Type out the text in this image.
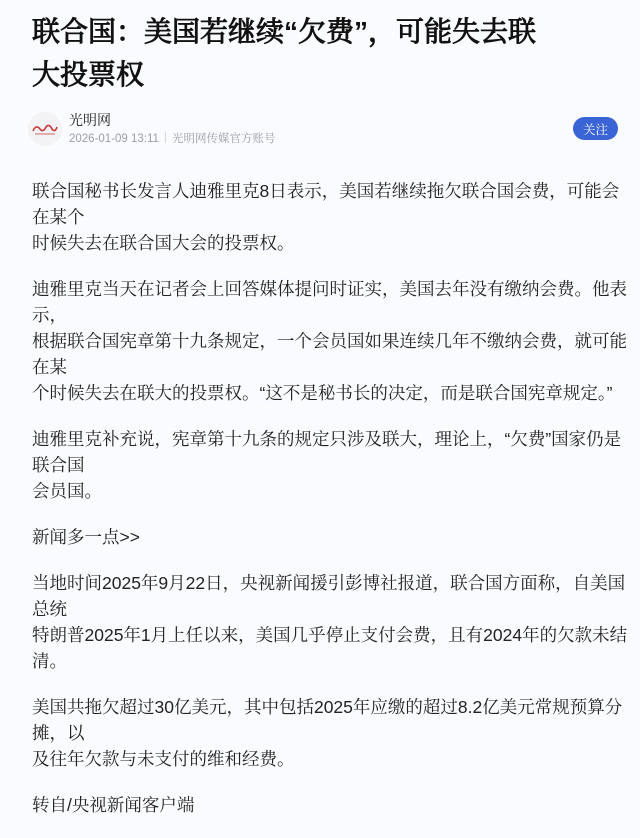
联合国：美国若继续“欠费”，可能失去联
大投票权
光明网
2026-01-09 13:11 光明网传媒官方账号
关注

联合国秘书长发言人迪雅里克8日表示，美国若继续拖欠联合国会费，可能会在某个
时候失去在联合国大会的投票权。

迪雅里克当天在记者会上回答媒体提问时证实，美国去年没有缴纳会费。他表示，
根据联合国宪章第十九条规定，一个会员国如果连续几年不缴纳会费，就可能在某
个时候失去在联大的投票权。“这不是秘书长的决定，而是联合国宪章规定。”

迪雅里克补充说，宪章第十九条的规定只涉及联大，理论上，“欠费”国家仍是联合国
会员国。

新闻多一点>>

当地时间2025年9月22日，央视新闻援引彭博社报道，联合国方面称，自美国总统
特朗普2025年1月上任以来，美国几乎停止支付会费，且有2024年的欠款未结清。

美国共拖欠超过30亿美元，其中包括2025年应缴的超过8.2亿美元常规预算分摊，以
及往年欠款与未支付的维和经费。

转自/央视新闻客户端
